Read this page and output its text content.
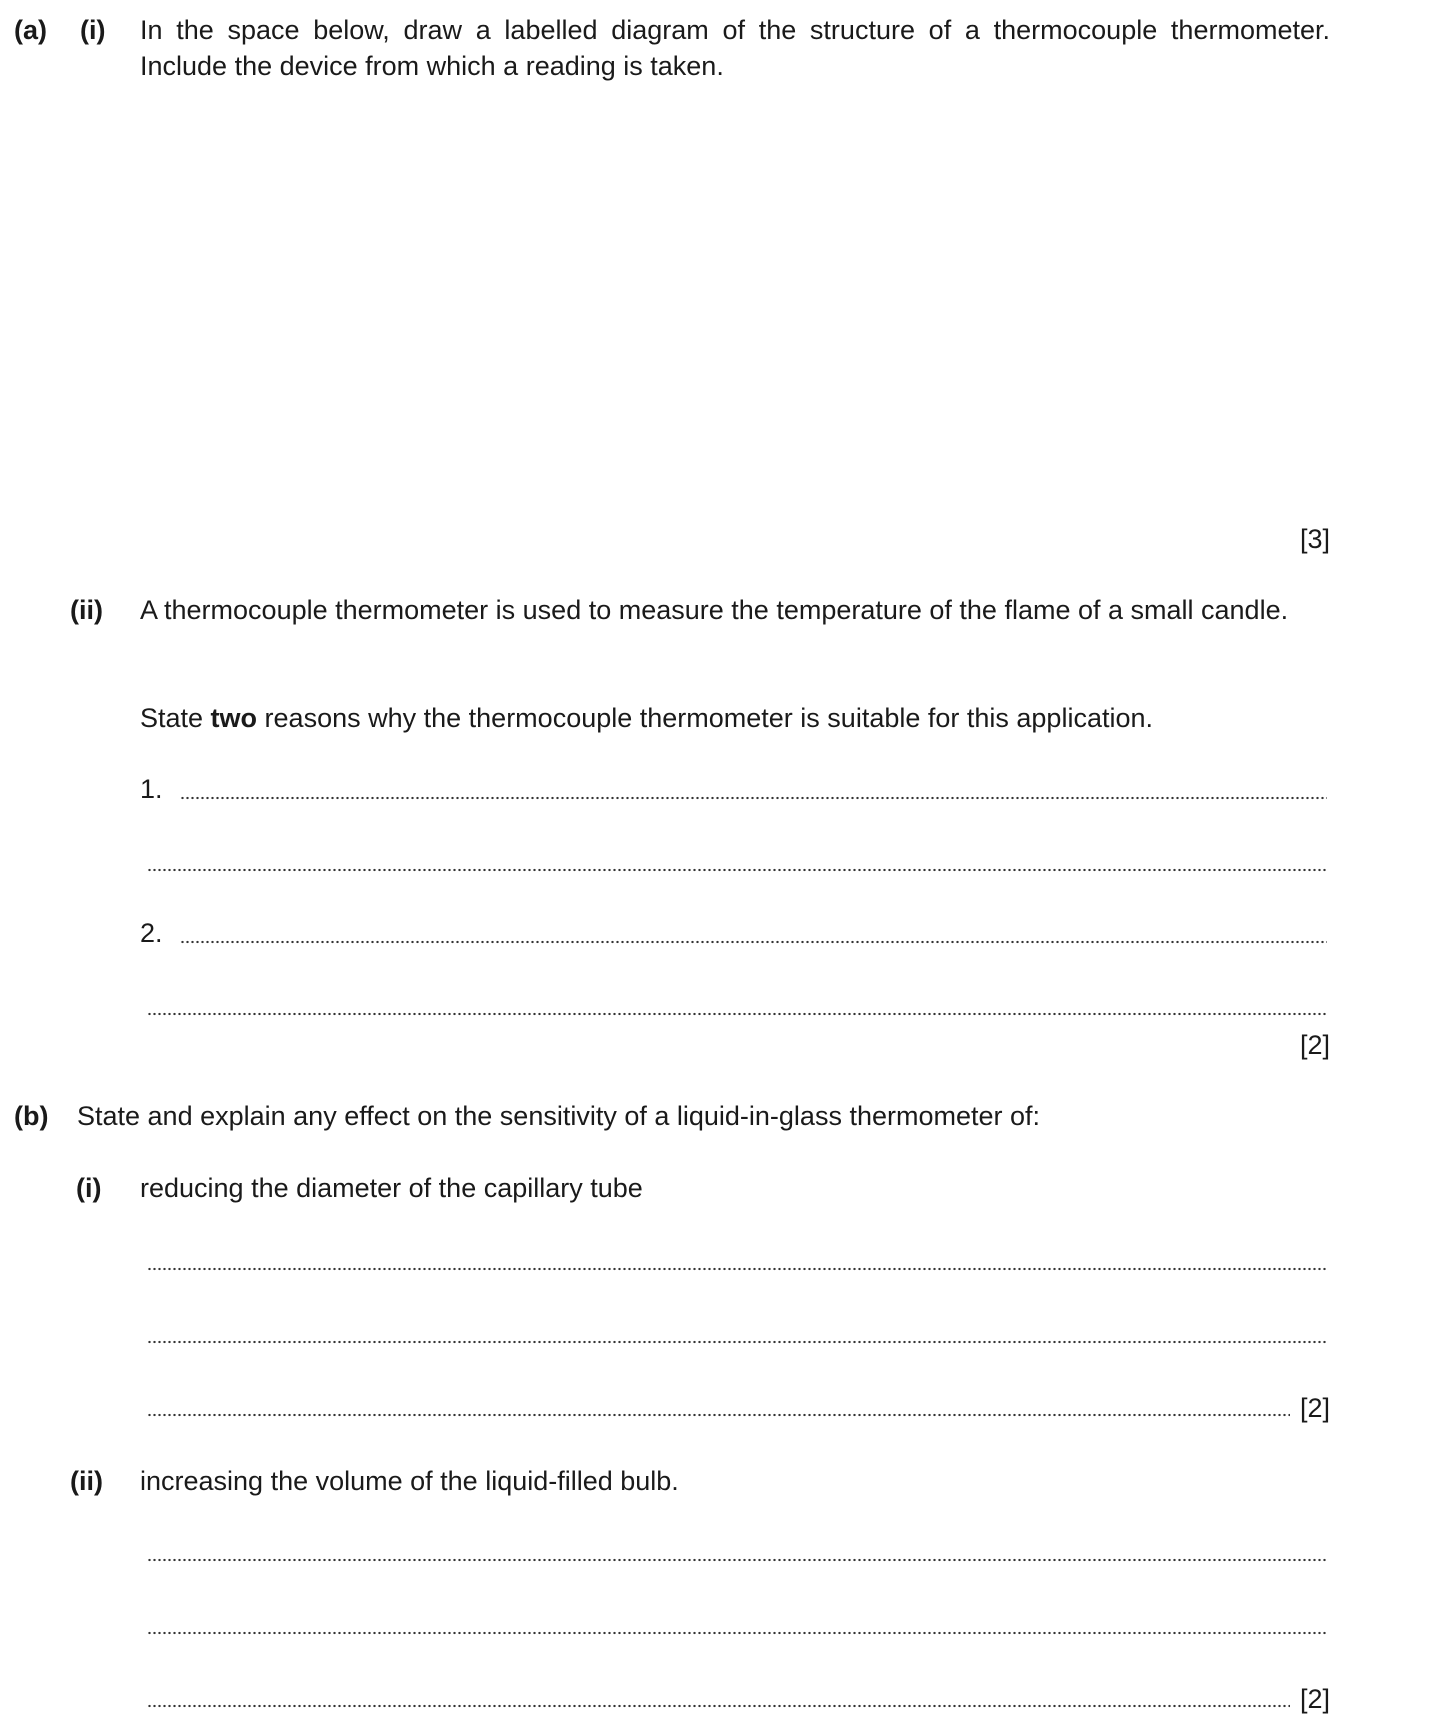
(a) (i) In the space below, draw a labelled diagram of the structure of a thermocouple thermometer. Include the device from which a reading is taken.
[3]
(ii) A thermocouple thermometer is used to measure the temperature of the flame of a small candle.
State two reasons why the thermocouple thermometer is suitable for this application.
1.
2.
[2]
(b) State and explain any effect on the sensitivity of a liquid-in-glass thermometer of:
(i) reducing the diameter of the capillary tube
[2]
(ii) increasing the volume of the liquid-filled bulb.
[2]
